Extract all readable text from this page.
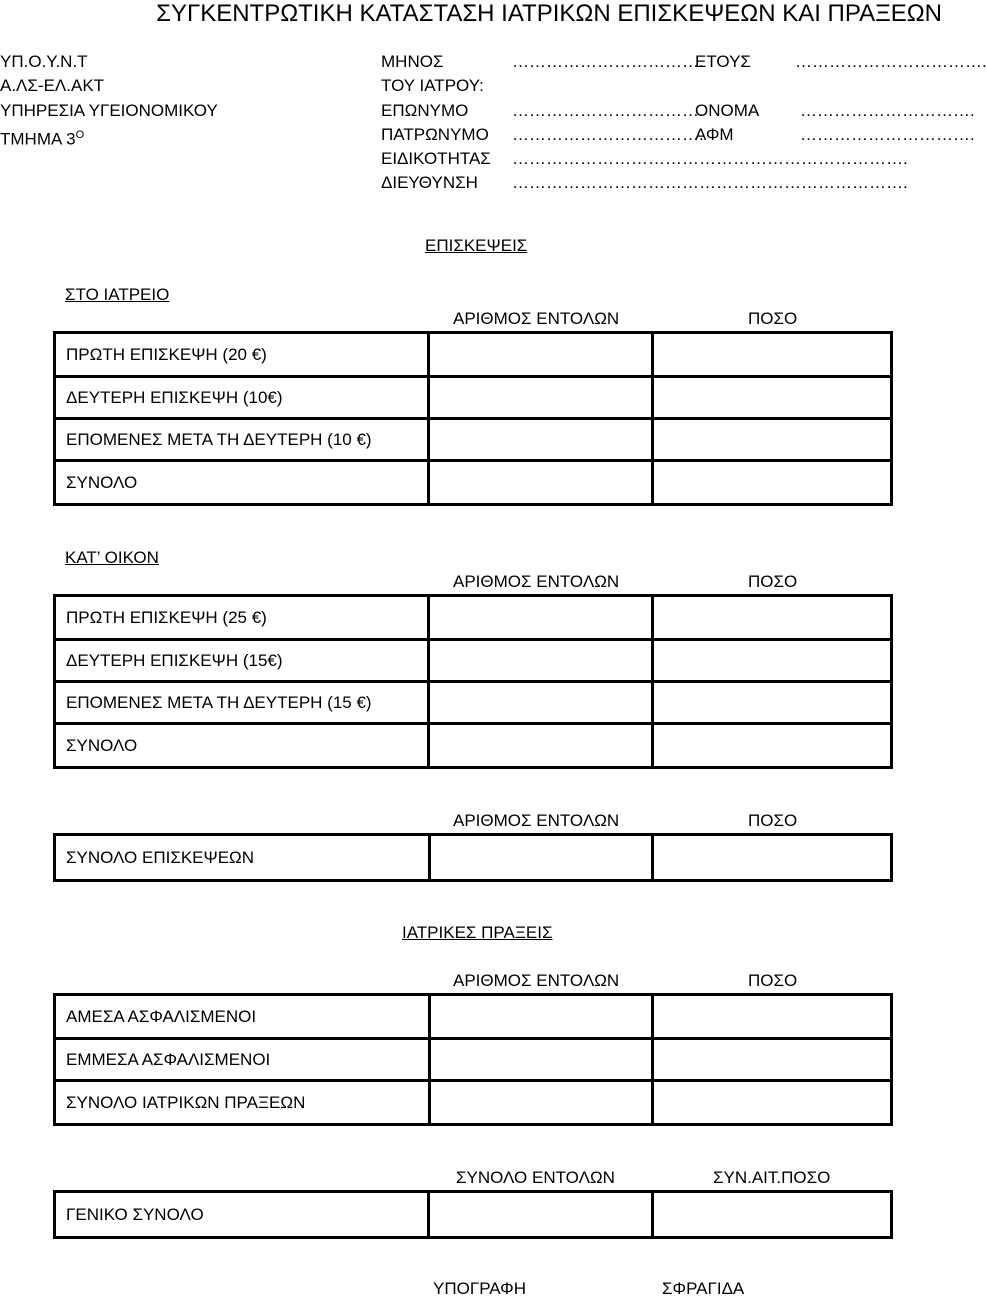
ΣΥΓΚΕΝΤΡΩΤΙΚΗ ΚΑΤΑΣΤΑΣΗ ΙΑΤΡΙΚΩΝ ΕΠΙΣΚΕΨΕΩΝ ΚΑΙ ΠΡΑΞΕΩΝ
ΥΠ.Ο.Υ.Ν.Τ
Α.ΛΣ-ΕΛ.ΑΚΤ
ΥΠΗΡΕΣΙΑ ΥΓΕΙΟΝΟΜΙΚΟΥ
ΤΜΗΜΑ $3^O$
ΜΗΝΟΣ	…………………………….
ΕΤΟΥΣ	…………………………….
ΤΟΥ ΙΑΤΡΟΥ:
ΕΠΩΝΥΜΟ	…………………………….
ΟΝΟΜΑ ………………………….
ΠΑΤΡΩΝΥΜΟ …………………………….
ΑΦΜ	………………………….
ΕΙΔΙΚΟΤΗΤΑΣ …………………………………………………………….
ΔΙΕΥΘΥΝΣΗ …………………………………………………………….
ΕΠΙΣΚΕΨΕΙΣ
ΣΤΟ ΙΑΤΡΕΙΟ
ΑΡΙΘΜΟΣ ΕΝΤΟΛΩΝ	ΠΟΣΟ
ΠΡΩΤΗ ΕΠΙΣΚΕΨΗ (20 €)		
ΔΕΥΤΕΡΗ ΕΠΙΣΚΕΨΗ (10€)		
ΕΠΟΜΕΝΕΣ ΜΕΤΑ ΤΗ ΔΕΥΤΕΡΗ (10 €)		
ΣΥΝΟΛΟ		
ΚΑΤ’ ΟΙΚΟΝ
ΑΡΙΘΜΟΣ ΕΝΤΟΛΩΝ	ΠΟΣΟ
ΠΡΩΤΗ ΕΠΙΣΚΕΨΗ (25 €)		
ΔΕΥΤΕΡΗ ΕΠΙΣΚΕΨΗ (15€)		
ΕΠΟΜΕΝΕΣ ΜΕΤΑ ΤΗ ΔΕΥΤΕΡΗ (15 €)		
ΣΥΝΟΛΟ		
ΑΡΙΘΜΟΣ ΕΝΤΟΛΩΝ	ΠΟΣΟ
ΣΥΝΟΛΟ ΕΠΙΣΚΕΨΕΩΝ		
ΙΑΤΡΙΚΕΣ ΠΡΑΞΕΙΣ
ΑΡΙΘΜΟΣ ΕΝΤΟΛΩΝ	ΠΟΣΟ
ΑΜΕΣΑ ΑΣΦΑΛΙΣΜΕΝΟΙ		
ΕΜΜΕΣΑ ΑΣΦΑΛΙΣΜΕΝΟΙ		
ΣΥΝΟΛΟ ΙΑΤΡΙΚΩΝ ΠΡΑΞΕΩΝ		
ΣΥΝΟΛΟ ΕΝΤΟΛΩΝ	ΣΥΝ.ΑΙΤ.ΠΟΣΟ
ΓΕΝΙΚΟ ΣΥΝΟΛΟ		
ΥΠΟΓΡΑΦΗ	ΣΦΡΑΓΙΔΑ
